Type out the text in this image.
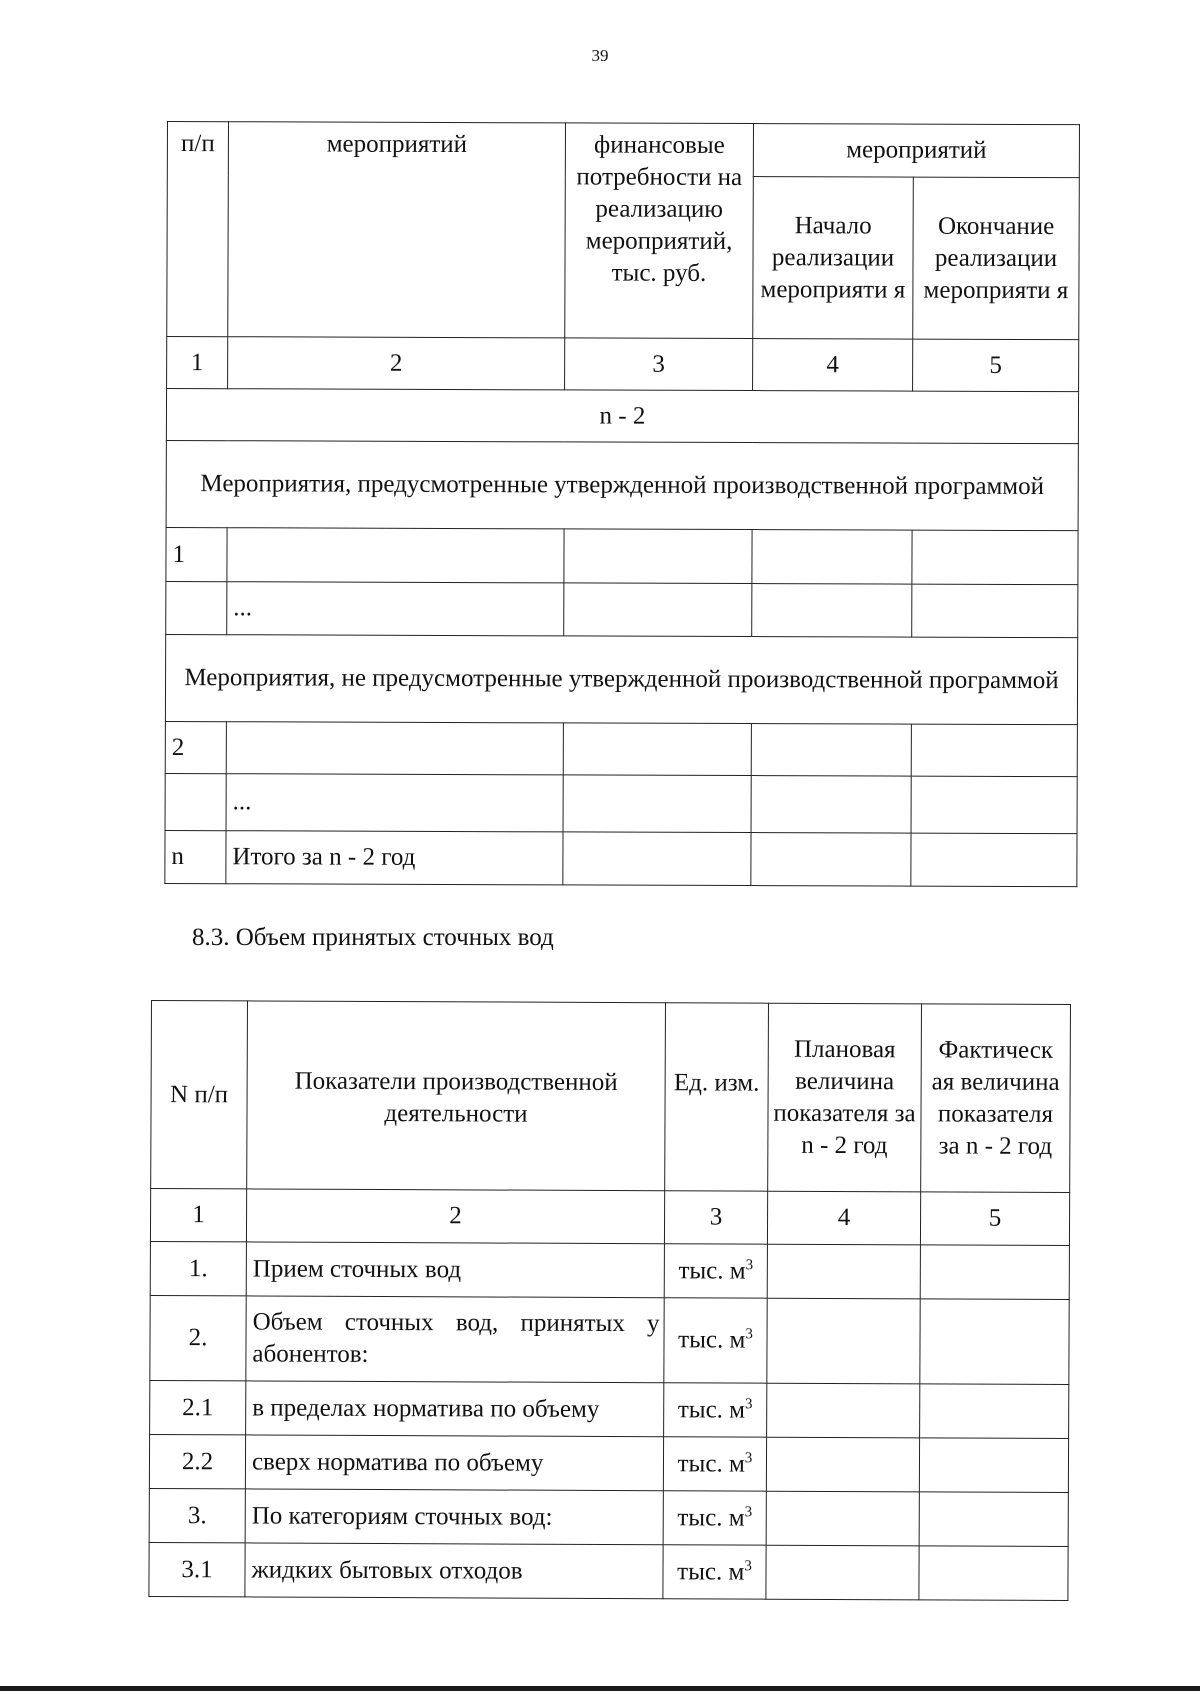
39
п/п	мероприятий	финансовые потребности на реализацию мероприятий, тыс. руб.	мероприятий	
			Начало реализации мероприяти я	Окончание реализации мероприяти я
1	2	3	4	5
n - 2				
Мероприятия, предусмотренные утвержденной производственной программой				
1				
	...			
Мероприятия, не предусмотренные утвержденной производственной программой				
2				
	...			
n	Итого за n - 2 год			
8.3. Объем принятых сточных вод
N п/п	Показатели производственной деятельности	Ед. изм.	Плановая величина показателя за n - 2 год	Фактическ ая величина показателя за n - 2 год
1	2	3	4	5
1.	Прием сточных вод	тыс. $м^3$		
2.	Объем сточных вод, принятых у абонентов:	тыс. $м^3$		
2.1	в пределах норматива по объему	тыс. $м^3$		
2.2	сверх норматива по объему	тыс. $м^3$		
3.	По категориям сточных вод:	тыс. $м^3$		
3.1	жидких бытовых отходов	тыс. $м^3$		
